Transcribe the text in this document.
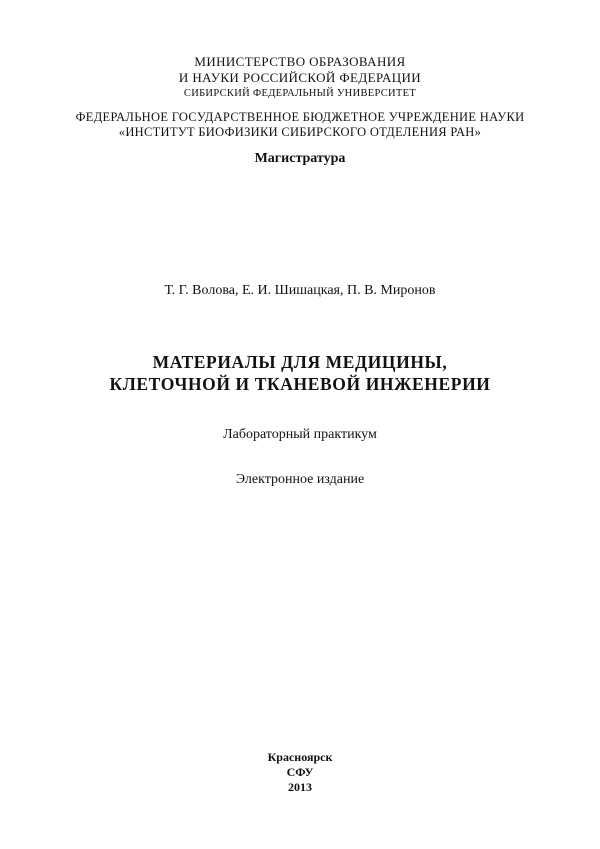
МИНИСТЕРСТВО ОБРАЗОВАНИЯ
И НАУКИ РОССИЙСКОЙ ФЕДЕРАЦИИ
СИБИРСКИЙ ФЕДЕРАЛЬНЫЙ УНИВЕРСИТЕТ
ФЕДЕРАЛЬНОЕ ГОСУДАРСТВЕННОЕ БЮДЖЕТНОЕ УЧРЕЖДЕНИЕ НАУКИ
«ИНСТИТУТ БИОФИЗИКИ СИБИРСКОГО ОТДЕЛЕНИЯ РАН»
Магистратура
Т. Г. Волова, Е. И. Шишацкая, П. В. Миронов
МАТЕРИАЛЫ ДЛЯ МЕДИЦИНЫ,
КЛЕТОЧНОЙ И ТКАНЕВОЙ ИНЖЕНЕРИИ
Лабораторный практикум
Электронное издание
Красноярск
СФУ
2013
